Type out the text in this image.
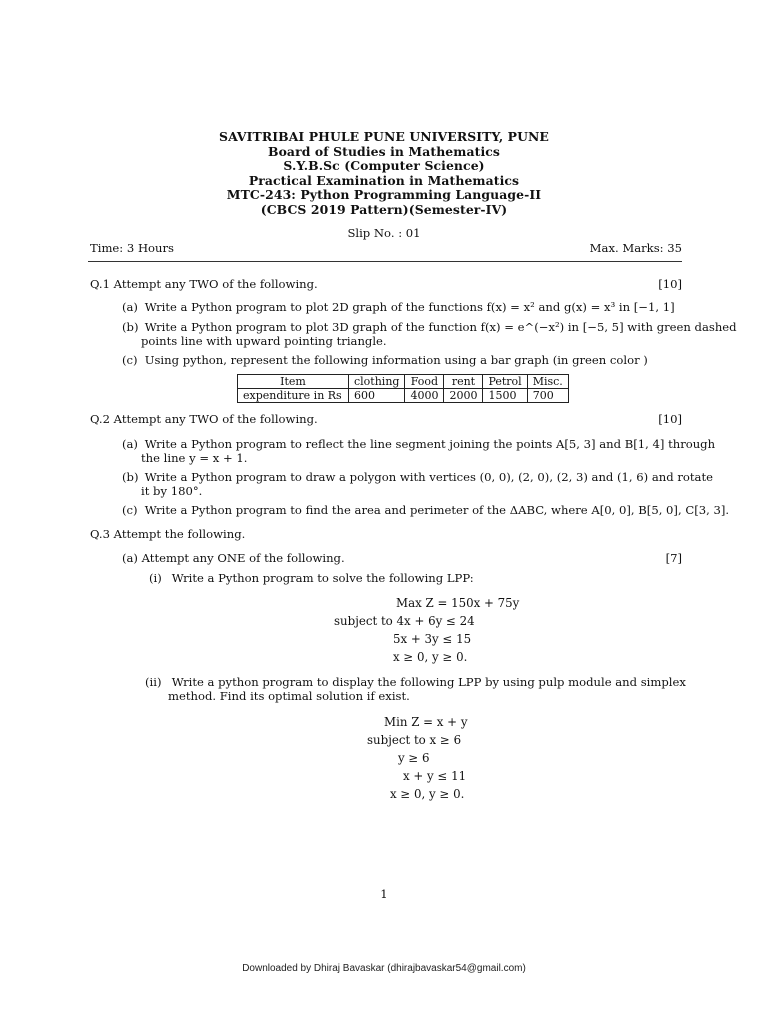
SAVITRIBAI PHULE PUNE UNIVERSITY, PUNE
Board of Studies in Mathematics
S.Y.B.Sc (Computer Science)
Practical Examination in Mathematics
MTC-243: Python Programming Language-II
(CBCS 2019 Pattern)(Semester-IV)
Slip No. : 01
Time: 3 Hours	Max. Marks: 35
Q.1 Attempt any TWO of the following.	[10]
(a) Write a Python program to plot 2D graph of the functions f(x) = x² and g(x) = x³ in [−1, 1]
(b) Write a Python program to plot 3D graph of the function f(x) = e^(−x²) in [−5, 5] with green dashed
points line with upward pointing triangle.
(c) Using python, represent the following information using a bar graph (in green color )
Item	clothing	Food	rent	Petrol	Misc.
expenditure in Rs	600	4000	2000	1500	700
Q.2 Attempt any TWO of the following.	[10]
(a) Write a Python program to reflect the line segment joining the points A[5, 3] and B[1, 4] through
the line y = x + 1.
(b) Write a Python program to draw a polygon with vertices (0, 0), (2, 0), (2, 3) and (1, 6) and rotate
it by 180°.
(c) Write a Python program to find the area and perimeter of the ΔABC, where A[0, 0], B[5, 0], C[3, 3].
Q.3 Attempt the following.
(a) Attempt any ONE of the following.	[7]
(i) Write a Python program to solve the following LPP:
Max Z = 150x + 75y
subject to 4x + 6y ≤ 24
5x + 3y ≤ 15
x ≥ 0, y ≥ 0.
(ii) Write a python program to display the following LPP by using pulp module and simplex
method. Find its optimal solution if exist.
Min Z = x + y
subject to x ≥ 6
y ≥ 6
x + y ≤ 11
x ≥ 0, y ≥ 0.
1
Downloaded by Dhiraj Bavaskar (dhirajbavaskar54@gmail.com)
